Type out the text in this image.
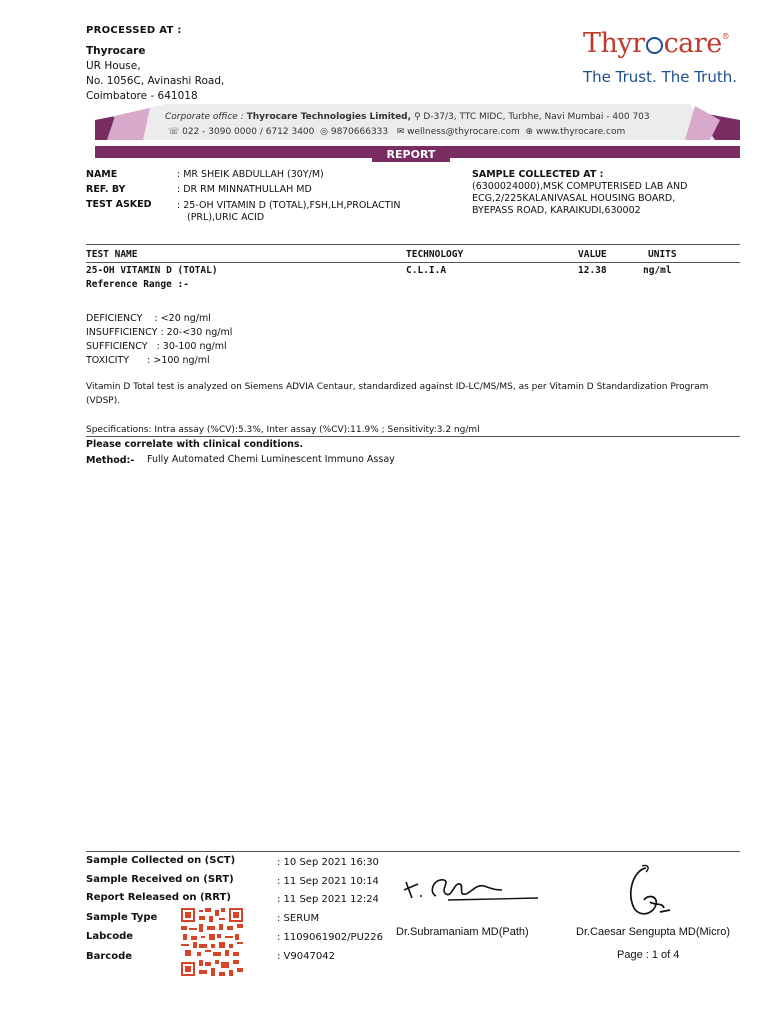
PROCESSED AT :
Thyrocare
UR House,
No. 1056C, Avinashi Road,
Coimbatore - 641018
Thyr care®
The Trust. The Truth.
Corporate office : Thyrocare Technologies Limited, ⚲ D-37/3, TTC MIDC, Turbhe, Navi Mumbai - 400 703
☏ 022 - 3090 0000 / 6712 3400 ◎ 9870666333 ✉ wellness@thyrocare.com ⊕ www.thyrocare.com
REPORT
NAME	: MR SHEIK ABDULLAH (30Y/M)
REF. BY	: DR RM MINNATHULLAH MD
TEST ASKED	: 25-OH VITAMIN D (TOTAL),FSH,LH,PROLACTIN
(PRL),URIC ACID
SAMPLE COLLECTED AT :
(6300024000),MSK COMPUTERISED LAB AND
ECG,2/225KALANIVASAL HOUSING BOARD,
BYEPASS ROAD, KARAIKUDI,630002
TEST NAME	TECHNOLOGY	VALUE	UNITS
25-OH VITAMIN D (TOTAL)	C.L.I.A	12.38	ng/ml
Reference Range :-
DEFICIENCY    : <20 ng/ml
INSUFFICIENCY : 20-<30 ng/ml
SUFFICIENCY   : 30-100 ng/ml
TOXICITY      : >100 ng/ml
Vitamin D Total test is analyzed on Siemens ADVIA Centaur, standardized against ID-LC/MS/MS, as per Vitamin D Standardization Program (VDSP).
Specifications: Intra assay (%CV):5.3%, Inter assay (%CV):11.9% ; Sensitivity:3.2 ng/ml
Please correlate with clinical conditions.
Method:- Fully Automated Chemi Luminescent Immuno Assay
Sample Collected on (SCT)	: 10 Sep 2021 16:30
Sample Received on (SRT)	: 11 Sep 2021 10:14
Report Released on (RRT)	: 11 Sep 2021 12:24
Sample Type	: SERUM
Labcode	: 1109061902/PU226
Barcode	: V9047042
Dr.Subramaniam MD(Path)	Dr.Caesar Sengupta MD(Micro)
Page : 1 of 4
